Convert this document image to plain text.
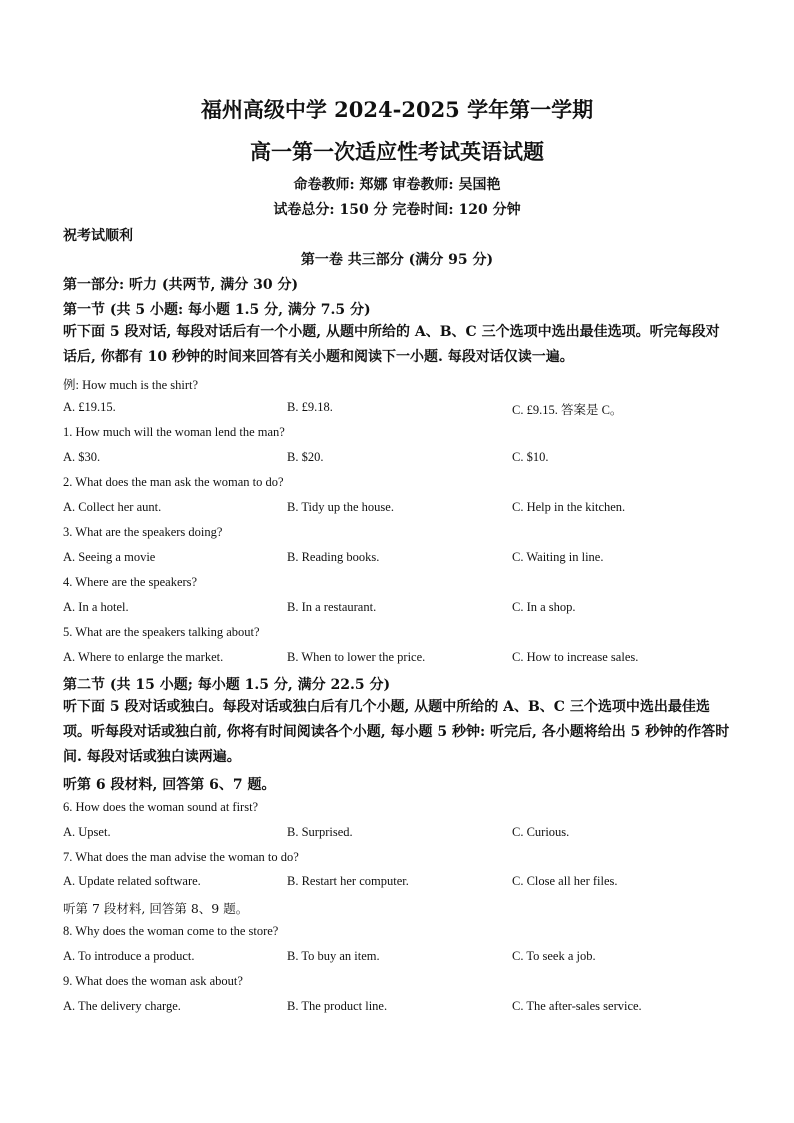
福州高级中学 2024-2025 学年第一学期
高一第一次适应性考试英语试题
命卷教师: 郑娜 审卷教师: 吴国艳
试卷总分: 150 分 完卷时间: 120 分钟
祝考试顺利
第一卷 共三部分 (满分 95 分)
第一部分: 听力 (共两节, 满分 30 分)
第一节 (共 5 小题: 每小题 1.5 分, 满分 7.5 分)
听下面 5 段对话, 每段对话后有一个小题, 从题中所给的 A、B、C 三个选项中选出最佳选项。听完每段对话后, 你都有 10 秒钟的时间来回答有关小题和阅读下一小题. 每段对话仅读一遍。
例: How much is the shirt?
A. £19.15.	B. £9.18.	C. £9.15. 答案是 C。
1. How much will the woman lend the man?
A. $30.	B. $20.	C. $10.
2. What does the man ask the woman to do?
A. Collect her aunt.	B. Tidy up the house.	C. Help in the kitchen.
3. What are the speakers doing?
A. Seeing a movie	B. Reading books.	C. Waiting in line.
4. Where are the speakers?
A. In a hotel.	B. In a restaurant.	C. In a shop.
5. What are the speakers talking about?
A. Where to enlarge the market.	B. When to lower the price.	C. How to increase sales.
第二节 (共 15 小题; 每小题 1.5 分, 满分 22.5 分)
听下面 5 段对话或独白。每段对话或独白后有几个小题, 从题中所给的 A、B、C 三个选项中选出最佳选项。听每段对话或独白前, 你将有时间阅读各个小题, 每小题 5 秒钟: 听完后, 各小题将给出 5 秒钟的作答时间. 每段对话或独白读两遍。
听第 6 段材料, 回答第 6、7 题。
6. How does the woman sound at first?
A. Upset.	B. Surprised.	C. Curious.
7. What does the man advise the woman to do?
A. Update related software.	B. Restart her computer.	C. Close all her files.
听第 7 段材料, 回答第 8、9 题。
8. Why does the woman come to the store?
A. To introduce a product.	B. To buy an item.	C. To seek a job.
9. What does the woman ask about?
A. The delivery charge.	B. The product line.	C. The after-sales service.
